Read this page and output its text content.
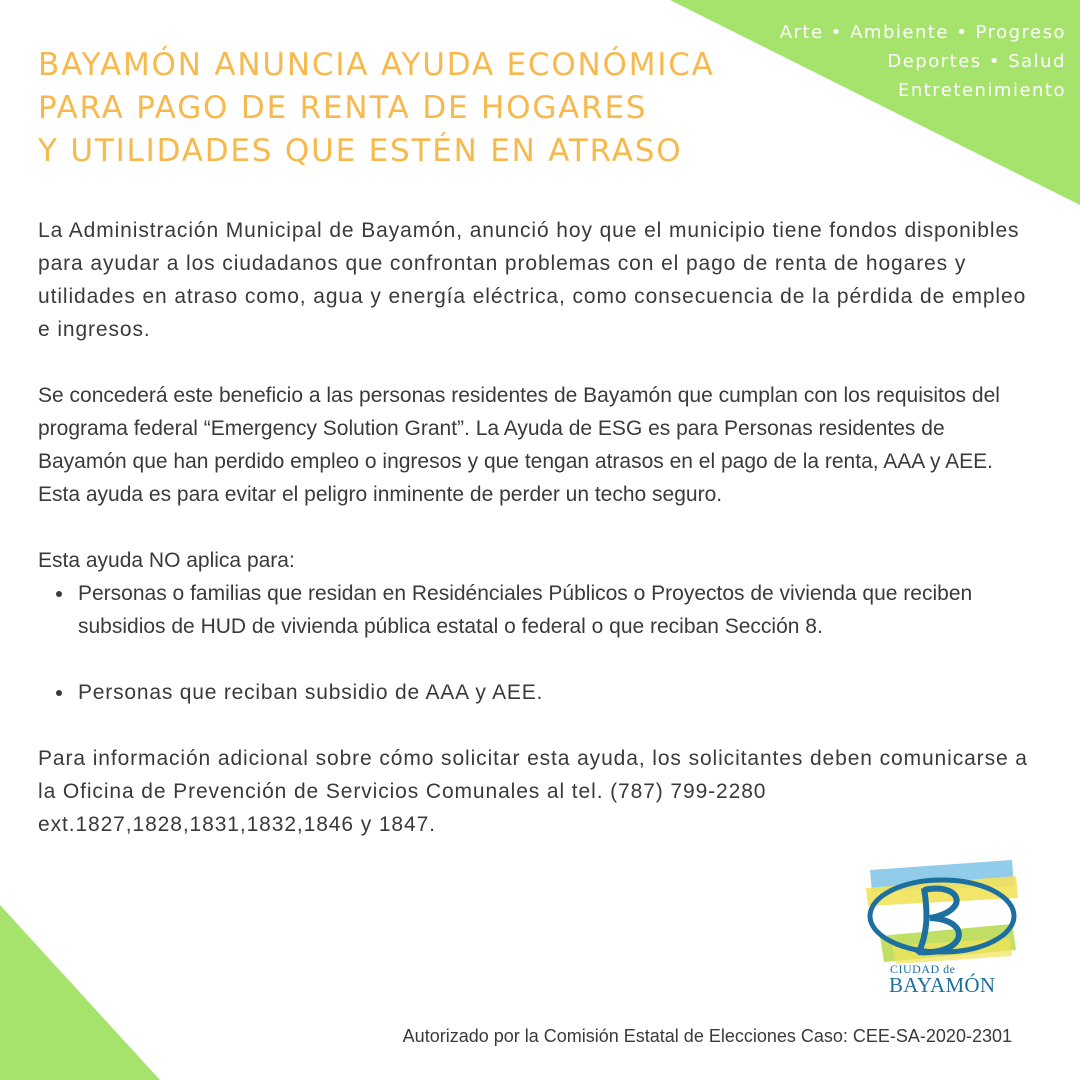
Arte • Ambiente • Progreso
Deportes • Salud
Entretenimiento
BAYAMÓN ANUNCIA AYUDA ECONÓMICA
PARA PAGO DE RENTA DE HOGARES
Y UTILIDADES QUE ESTÉN EN ATRASO

La Administración Municipal de Bayamón, anunció hoy que el municipio tiene fondos disponibles para ayudar a los ciudadanos que confrontan problemas con el pago de renta de hogares y utilidades en atraso como, agua y energía eléctrica, como consecuencia de la pérdida de empleo e ingresos.

Se concederá este beneficio a las personas residentes de Bayamón que cumplan con los requisitos del programa federal “Emergency Solution Grant”. La Ayuda de ESG es para Personas residentes de Bayamón que han perdido empleo o ingresos y que tengan atrasos en el pago de la renta, AAA y AEE. Esta ayuda es para evitar el peligro inminente de perder un techo seguro.

Esta ayuda NO aplica para:

Personas o familias que residan en Residénciales Públicos o Proyectos de vivienda que reciben subsidios de HUD de vivienda pública estatal o federal o que reciban Sección 8.
Personas que reciban subsidio de AAA y AEE.

Para información adicional sobre cómo solicitar esta ayuda, los solicitantes deben comunicarse a la Oficina de Prevención de Servicios Comunales al tel. (787) 799-2280 ext.1827,1828,1831,1832,1846 y 1847.

CIUDAD de
BAYAMÓN
Autorizado por la Comisión Estatal de Elecciones Caso: CEE-SA-2020-2301
